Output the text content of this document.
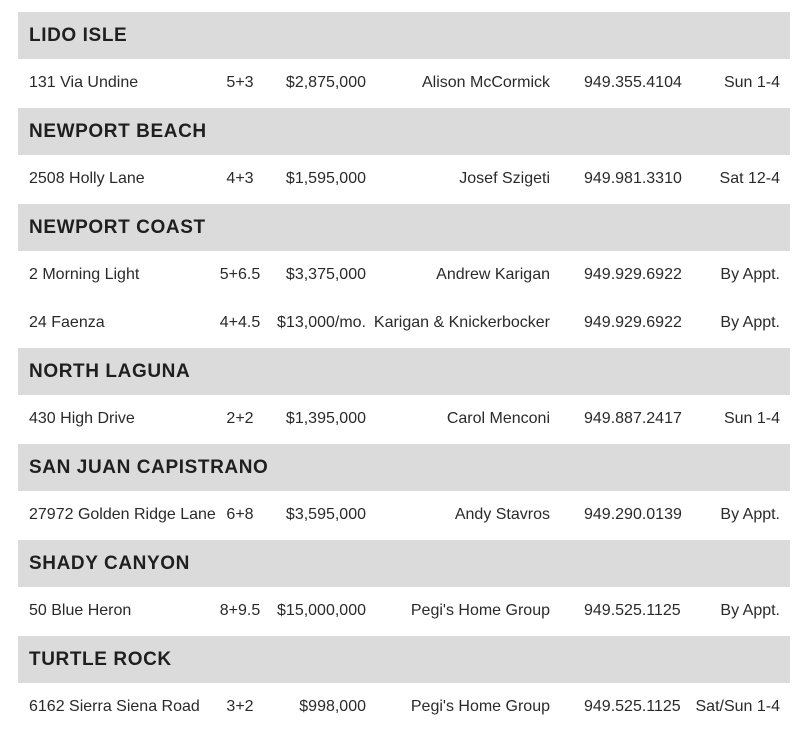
LIDO ISLE
131 Via Undine	5+3	$2,875,000	Alison McCormick 949.355.4104	Sun 1-4
NEWPORT BEACH
2508 Holly Lane	4+3	$1,595,000	Josef Szigeti 949.981.3310 Sat 12-4
NEWPORT COAST
2 Morning Light	5+6.5	$3,375,000	Andrew Karigan 949.929.6922 By Appt.
24 Faenza	4+4.5	$13,000/mo. Karigan & Knickerbocker 949.929.6922 By Appt.
NORTH LAGUNA
430 High Drive	2+2	$1,395,000	Carol Menconi 949.887.2417	Sun 1-4
SAN JUAN CAPISTRANO
27972 Golden Ridge Lane 6+8	$3,595,000	Andy Stavros 949.290.0139 By Appt.
SHADY CANYON
50 Blue Heron	8+9.5	$15,000,000	Pegi's Home Group 949.525.1125 By Appt.
TURTLE ROCK
6162 Sierra Siena Road	3+2	$998,000	Pegi's Home Group 949.525.1125 Sat/Sun 1-4
